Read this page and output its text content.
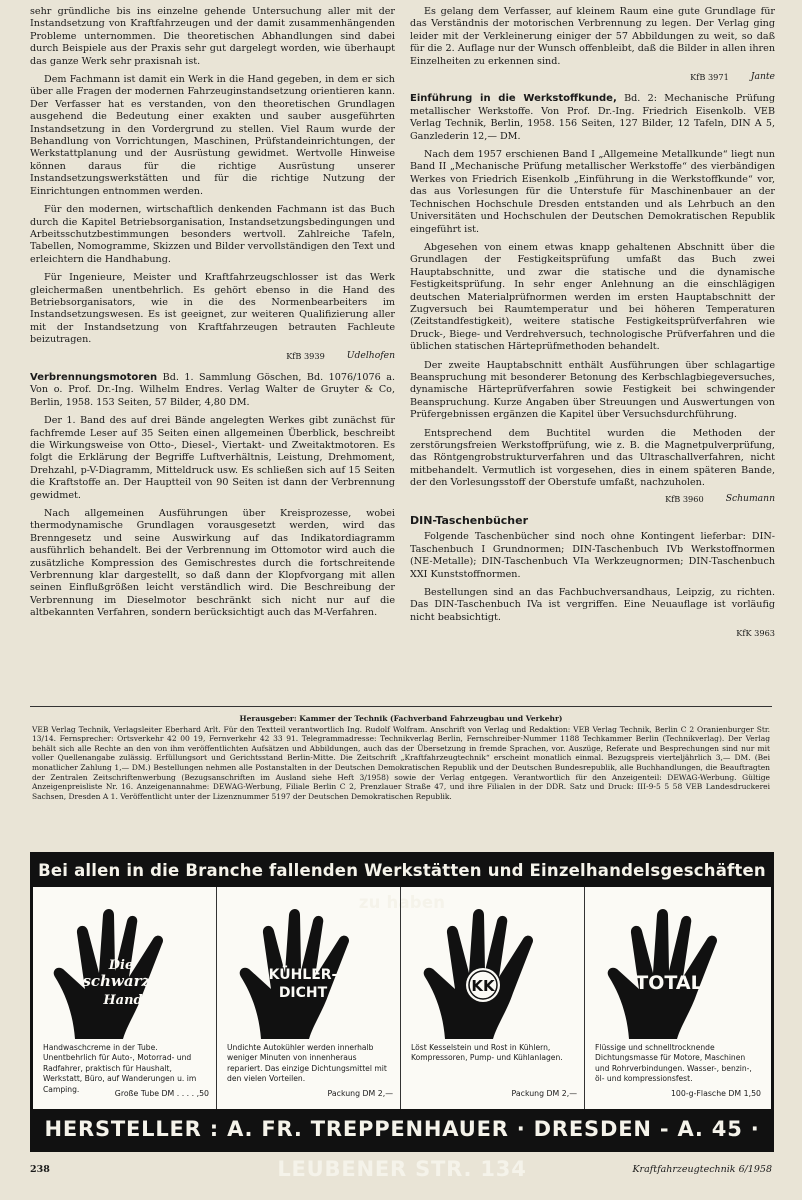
sehr gründliche bis ins einzelne gehende Untersuchung aller mit der Instandsetzung von Kraftfahrzeugen und der damit zusammenhängenden Probleme unternommen. Die theoretischen Abhandlungen sind dabei durch Beispiele aus der Praxis sehr gut dargelegt worden, wie überhaupt das ganze Werk sehr praxisnah ist.

Dem Fachmann ist damit ein Werk in die Hand gegeben, in dem er sich über alle Fragen der modernen Fahrzeuginstandsetzung orientieren kann. Der Verfasser hat es verstanden, von den theoretischen Grundlagen ausgehend die Bedeutung einer exakten und sauber ausgeführten Instandsetzung in den Vordergrund zu stellen. Viel Raum wurde der Behandlung von Vorrichtungen, Maschinen, Prüfstandeinrichtungen, der Werkstattplanung und der Ausrüstung gewidmet. Wertvolle Hinweise können daraus für die richtige Ausrüstung unserer Instandsetzungswerkstätten und für die richtige Nutzung der Einrichtungen entnommen werden.

Für den modernen, wirtschaftlich denkenden Fachmann ist das Buch durch die Kapitel Betriebsorganisation, Instandsetzungsbedingungen und Arbeitsschutzbestimmungen besonders wertvoll. Zahlreiche Tafeln, Tabellen, Nomogramme, Skizzen und Bilder vervollständigen den Text und erleichtern die Handhabung.

Für Ingenieure, Meister und Kraftfahrzeugschlosser ist das Werk gleichermaßen unentbehrlich. Es gehört ebenso in die Hand des Betriebsorganisators, wie in die des Normenbearbeiters im Instandsetzungswesen. Es ist geeignet, zur weiteren Qualifizierung aller mit der Instandsetzung von Kraftfahrzeugen betrauten Fachleute beizutragen.

KfB 3939 Udelhofen
Verbrennungsmotoren Bd. 1. Sammlung Göschen, Bd. 1076/1076 a. Von o. Prof. Dr.-Ing. Wilhelm Endres. Verlag Walter de Gruyter & Co, Berlin, 1958. 153 Seiten, 57 Bilder, 4,80 DM.

Der 1. Band des auf drei Bände angelegten Werkes gibt zunächst für fachfremde Leser auf 35 Seiten einen allgemeinen Überblick, beschreibt die Wirkungsweise von Otto-, Diesel-, Viertakt- und Zweitaktmotoren. Es folgt die Erklärung der Begriffe Luftverhältnis, Leistung, Drehmoment, Drehzahl, p-V-Diagramm, Mitteldruck usw. Es schließen sich auf 15 Seiten die Kraftstoffe an. Der Hauptteil von 90 Seiten ist dann der Verbrennung gewidmet.

Nach allgemeinen Ausführungen über Kreisprozesse, wobei thermodynamische Grundlagen vorausgesetzt werden, wird das Brenngesetz und seine Auswirkung auf das Indikatordiagramm ausführlich behandelt. Bei der Verbrennung im Ottomotor wird auch die zusätzliche Kompression des Gemischrestes durch die fortschreitende Verbrennung klar dargestellt, so daß dann der Klopfvorgang mit allen seinen Einflußgrößen leicht verständlich wird. Die Beschreibung der Verbrennung im Dieselmotor beschränkt sich nicht nur auf die altbekannten Verfahren, sondern berücksichtigt auch das M-Verfahren.

Es gelang dem Verfasser, auf kleinem Raum eine gute Grundlage für das Verständnis der motorischen Verbrennung zu legen. Der Verlag ging leider mit der Verkleinerung einiger der 57 Abbildungen zu weit, so daß für die 2. Auflage nur der Wunsch offenbleibt, daß die Bilder in allen ihren Einzelheiten zu erkennen sind.

KfB 3971 Jante
Einführung in die Werkstoffkunde, Bd. 2: Mechanische Prüfung metallischer Werkstoffe. Von Prof. Dr.-Ing. Friedrich Eisenkolb. VEB Verlag Technik, Berlin, 1958. 156 Seiten, 127 Bilder, 12 Tafeln, DIN A 5, Ganzlederin 12,— DM.

Nach dem 1957 erschienen Band I „Allgemeine Metallkunde“ liegt nun Band II „Mechanische Prüfung metallischer Werkstoffe“ des vierbändigen Werkes von Friedrich Eisenkolb „Einführung in die Werkstoffkunde“ vor, das aus Vorlesungen für die Unterstufe für Maschinenbauer an der Technischen Hochschule Dresden entstanden und als Lehrbuch an den Universitäten und Hochschulen der Deutschen Demokratischen Republik eingeführt ist.

Abgesehen von einem etwas knapp gehaltenen Abschnitt über die Grundlagen der Festigkeitsprüfung umfaßt das Buch zwei Hauptabschnitte, und zwar die statische und die dynamische Festigkeitsprüfung. In sehr enger Anlehnung an die einschlägigen deutschen Materialprüfnormen werden im ersten Hauptabschnitt der Zugversuch bei Raumtemperatur und bei höheren Temperaturen (Zeitstandfestigkeit), weitere statische Festigkeitsprüfverfahren wie Druck-, Biege- und Verdrehversuch, technologische Prüfverfahren und die üblichen statischen Härteprüfmethoden behandelt.

Der zweite Hauptabschnitt enthält Ausführungen über schlagartige Beanspruchung mit besonderer Betonung des Kerbschlagbiegeversuches, dynamische Härteprüfverfahren sowie Festigkeit bei schwingender Beanspruchung. Kurze Angaben über Streuungen und Auswertungen von Prüfergebnissen ergänzen die Kapitel über Versuchsdurchführung.

Entsprechend dem Buchtitel wurden die Methoden der zerstörungsfreien Werkstoffprüfung, wie z. B. die Magnetpulverprüfung, das Röntgengrobstrukturverfahren und das Ultraschallverfahren, nicht mitbehandelt. Vermutlich ist vorgesehen, dies in einem späteren Bande, der den Vorlesungsstoff der Oberstufe umfaßt, nachzuholen.

KfB 3960 Schumann
DIN-Taschenbücher

Folgende Taschenbücher sind noch ohne Kontingent lieferbar: DIN-Taschenbuch I Grundnormen; DIN-Taschenbuch IVb Werkstoffnormen (NE-Metalle); DIN-Taschenbuch VIa Werkzeugnormen; DIN-Taschenbuch XXI Kunststoffnormen.

Bestellungen sind an das Fachbuchversandhaus, Leipzig, zu richten. Das DIN-Taschenbuch IVa ist vergriffen. Eine Neuauflage ist vorläufig nicht beabsichtigt.

KfK 3963
Herausgeber: Kammer der Technik (Fachverband Fahrzeugbau und Verkehr)
VEB Verlag Technik, Verlagsleiter Eberhard Arlt. Für den Textteil verantwortlich Ing. Rudolf Wolfram. Anschrift von Verlag und Redaktion: VEB Verlag Technik, Berlin C 2 Oranienburger Str. 13/14. Fernsprecher: Ortsverkehr 42 00 19, Fernverkehr 42 33 91. Telegrammadresse: Technikverlag Berlin, Fernschreiber-Nummer 1188 Techkammer Berlin (Technikverlag). Der Verlag behält sich alle Rechte an den von ihm veröffentlichten Aufsätzen und Abbildungen, auch das der Übersetzung in fremde Sprachen, vor. Auszüge, Referate und Besprechungen sind nur mit voller Quellenangabe zulässig. Erfüllungsort und Gerichtsstand Berlin-Mitte. Die Zeitschrift „Kraftfahrzeugtechnik“ erscheint monatlich einmal. Bezugspreis vierteljährlich 3,— DM. (Bei monatlicher Zahlung 1,— DM.) Bestellungen nehmen alle Postanstalten in der Deutschen Demokratischen Republik und der Deutschen Bundesrepublik, alle Buchhandlungen, die Beauftragten der Zentralen Zeitschriftenwerbung (Bezugsanschriften im Ausland siehe Heft 3/1958) sowie der Verlag entgegen. Verantwortlich für den Anzeigenteil: DEWAG-Werbung. Gültige Anzeigenpreisliste Nr. 16. Anzeigenannahme: DEWAG-Werbung, Filiale Berlin C 2, Prenzlauer Straße 47, und ihre Filialen in der DDR. Satz und Druck: III-9-5 5 58 VEB Landesdruckerei Sachsen, Dresden A 1. Veröffentlicht unter der Lizenznummer 5197 der Deutschen Demokratischen Republik.
Bei allen in die Branche fallenden Werkstätten und Einzelhandelsgeschäften zu haben
Die
schwarze
Hand
Handwaschcreme in der Tube. Unentbehrlich für Auto-, Motorrad- und Radfahrer, praktisch für Haushalt, Werkstatt, Büro, auf Wanderungen u. im Camping.	Große Tube DM . . . . ,50
KÜHLER-
DICHT
Undichte Autokühler werden innerhalb weniger Minuten von innenheraus repariert. Das einzige Dichtungsmittel mit den vielen Vorteilen.
Packung DM 2,—
KK
Löst Kesselstein und Rost in Kühlern, Kompressoren, Pump- und Kühlanlagen.
Packung DM 2,—
TOTAL
Flüssige und schnelltrocknende Dichtungsmasse für Motore, Maschinen und Rohrverbindungen. Wasser-, benzin-, öl- und kompressionsfest.
100-g-Flasche DM 1,50
HERSTELLER : A. FR. TREPPENHAUER · DRESDEN - A. 45 · LEUBENER STR. 134
238	Kraftfahrzeugtechnik 6/1958
